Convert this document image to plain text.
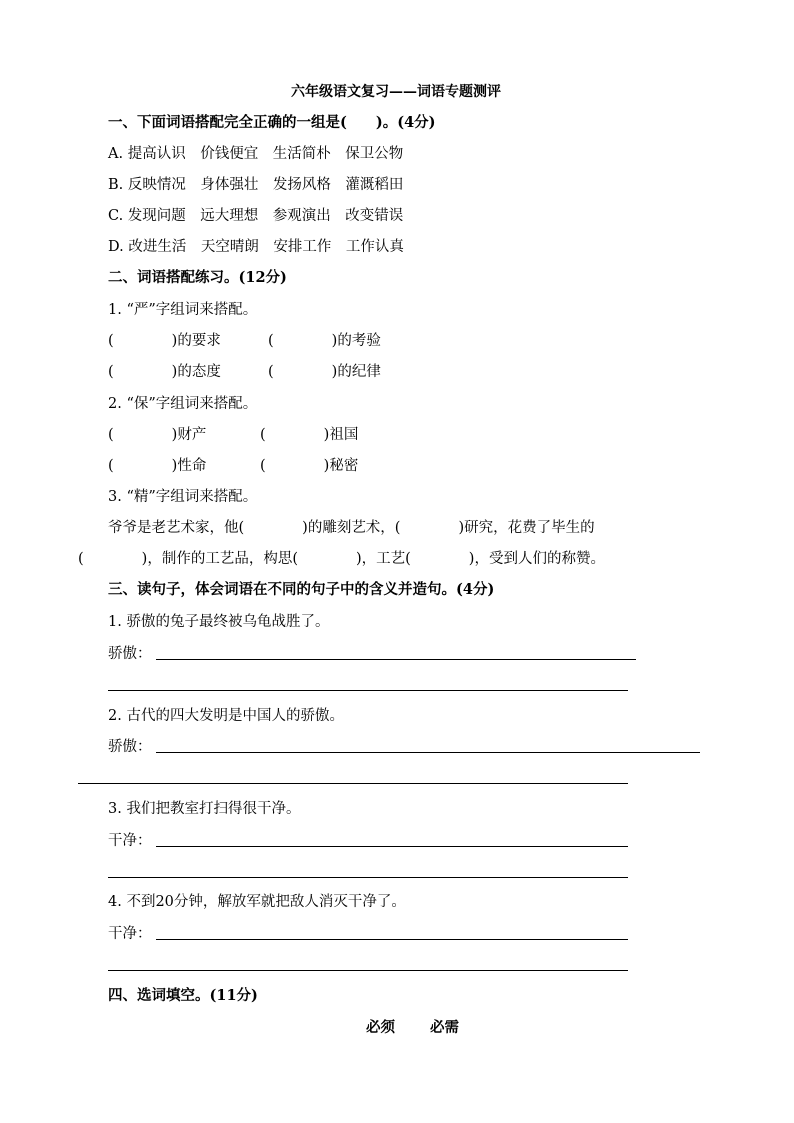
六年级语文复习——词语专题测评
一、下面词语搭配完全正确的一组是(　　)。(4分)
A. 提高认识　价钱便宜　生活简朴　保卫公物
B. 反映情况　身体强壮　发扬风格　灌溉稻田
C. 发现问题　远大理想　参观演出　改变错误
D. 改进生活　天空晴朗　安排工作　工作认真
二、词语搭配练习。(12分)
1. “严”字组词来搭配。
(　　　　)的要求	(　　　　)的考验
(　　　　)的态度	(　　　　)的纪律
2. “保”字组词来搭配。
(　　　　)财产	(　　　　)祖国
(　　　　)性命	(　　　　)秘密
3. “精”字组词来搭配。
爷爷是老艺术家，他(　　　　)的雕刻艺术，(　　　　)研究，花费了毕生的
(　　　　)，制作的工艺品，构思(　　　　)，工艺(　　　　)，受到人们的称赞。
三、读句子，体会词语在不同的句子中的含义并造句。(4分)
1. 骄傲的兔子最终被乌龟战胜了。
骄傲：
2. 古代的四大发明是中国人的骄傲。
骄傲：
3. 我们把教室打扫得很干净。
干净：
4. 不到20分钟，解放军就把敌人消灭干净了。
干净：
四、选词填空。(11分)
必须 必需
